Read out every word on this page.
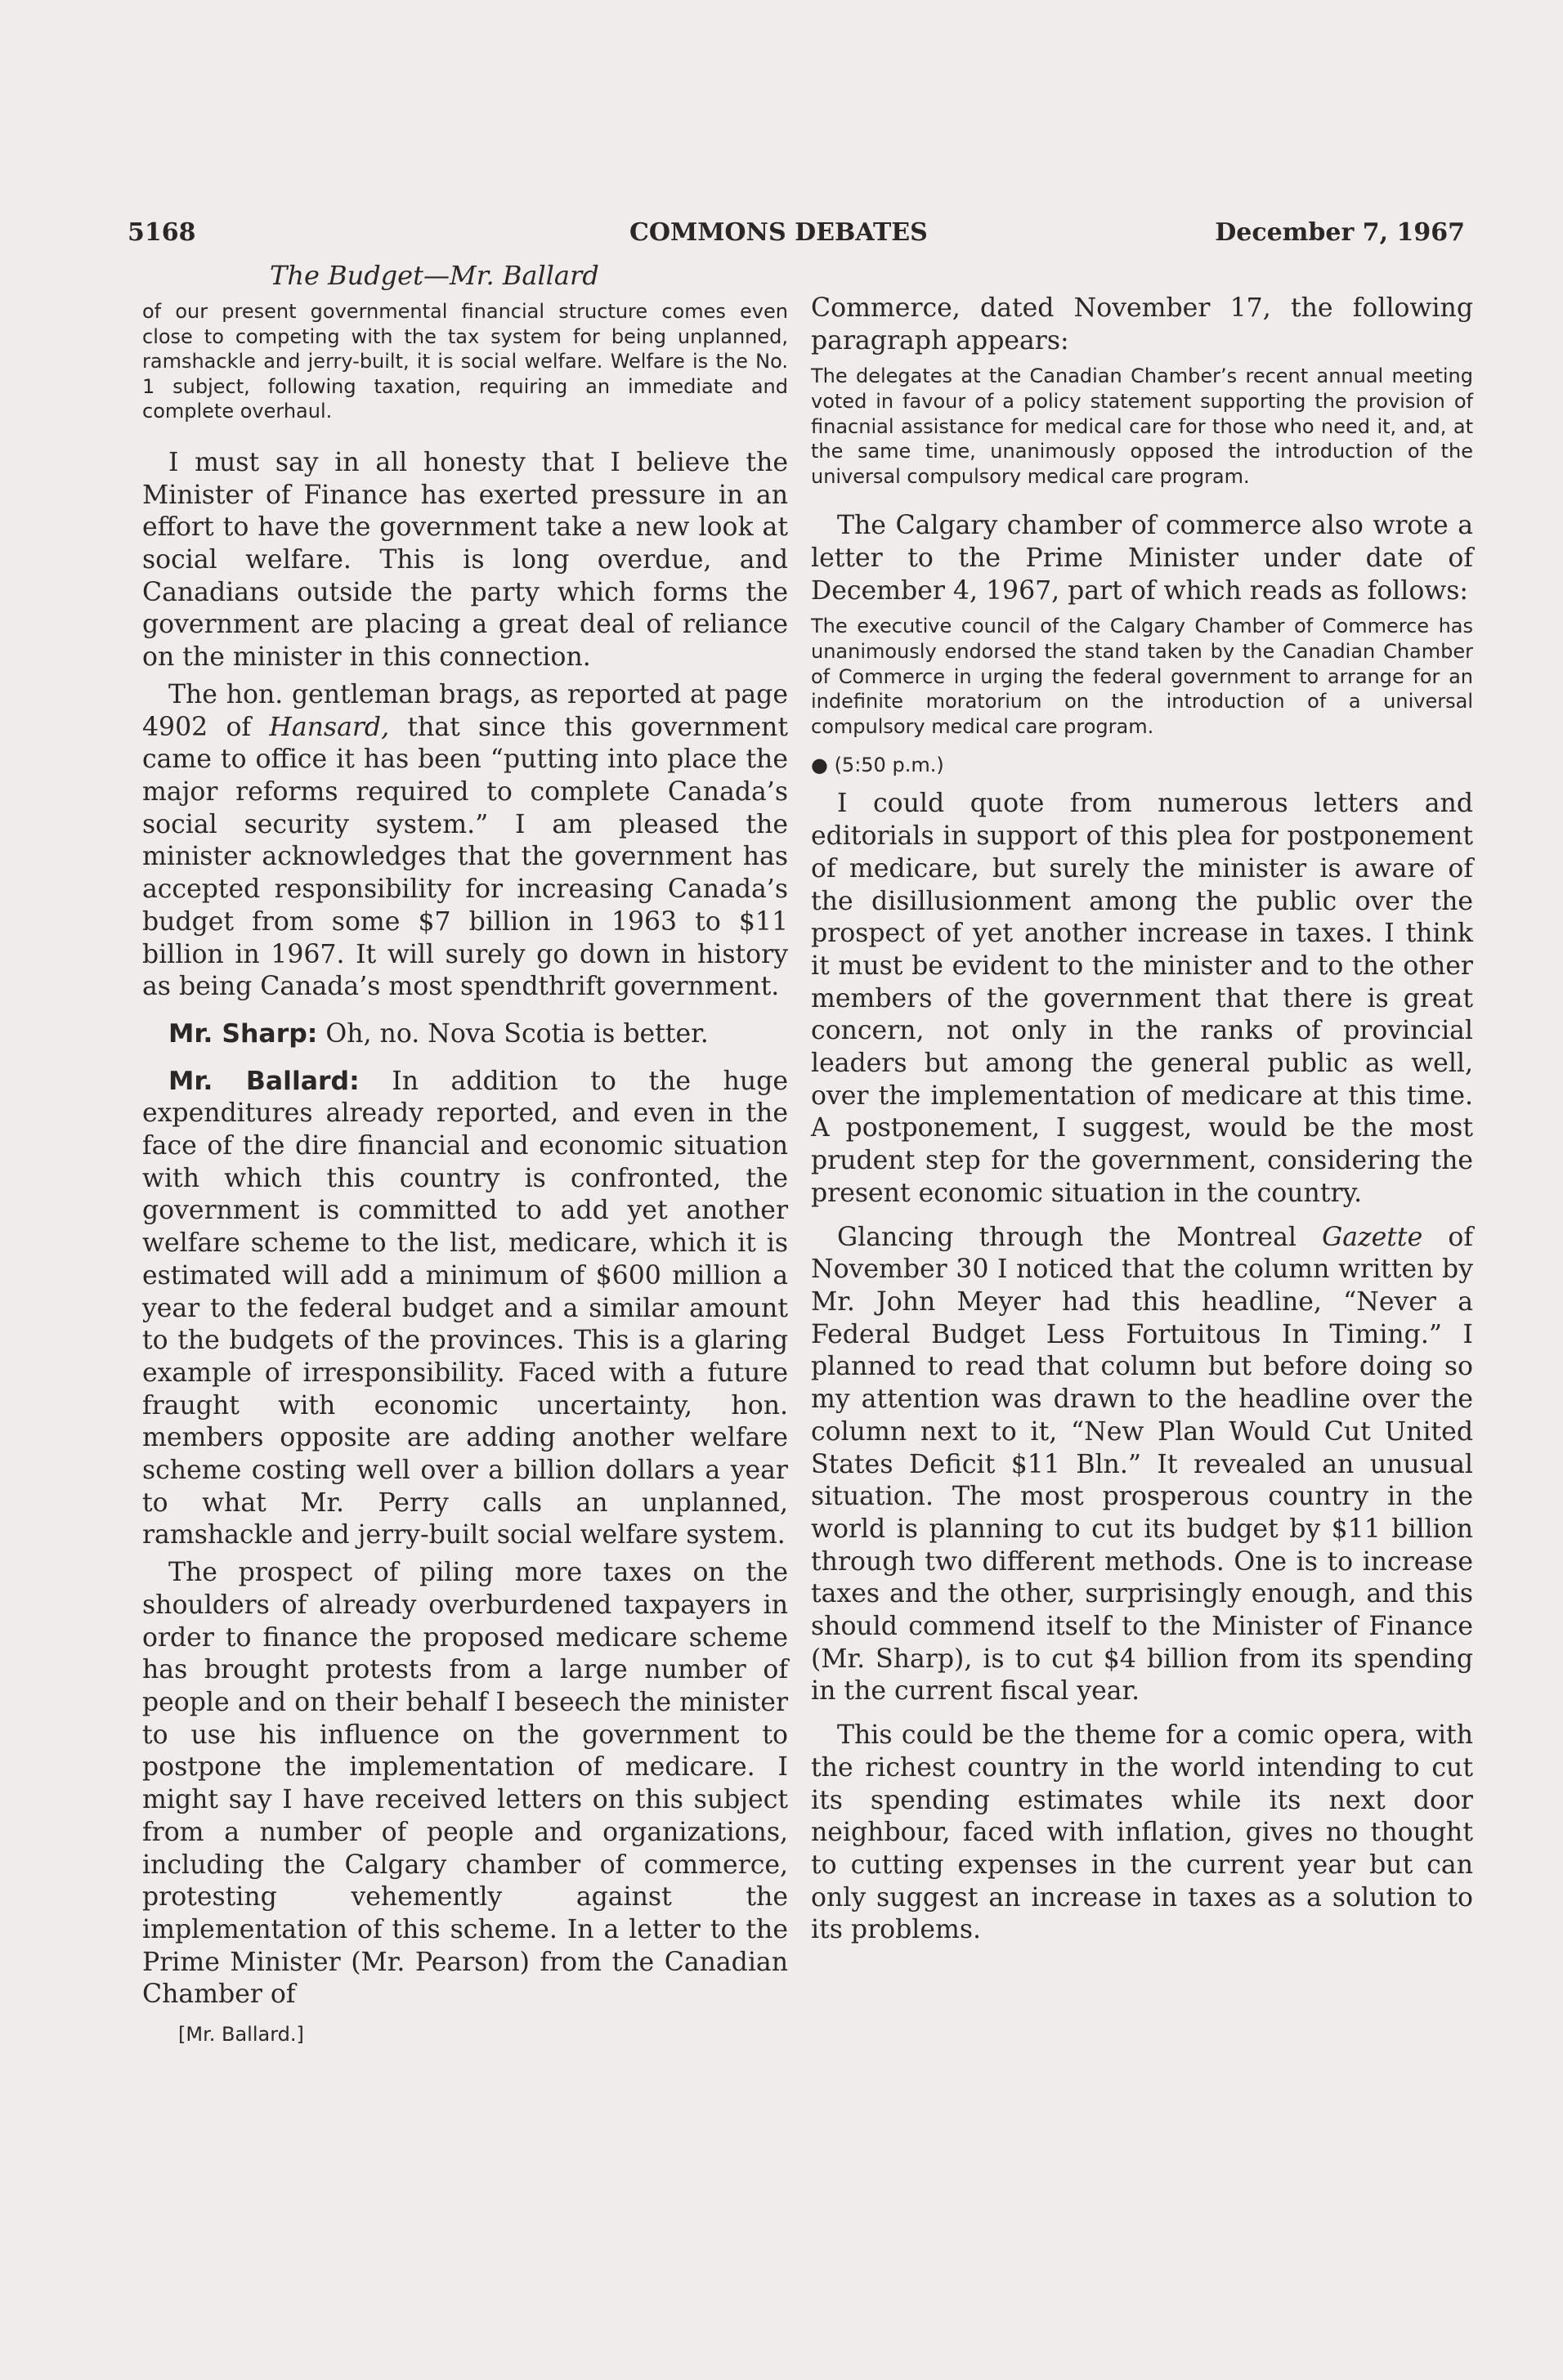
5168	COMMONS DEBATES	December 7, 1967
The Budget—Mr. Ballard

of our present governmental financial structure comes even close to competing with the tax system for being unplanned, ramshackle and jerry-built, it is social welfare. Welfare is the No. 1 subject, following taxation, requiring an immediate and complete overhaul.

I must say in all honesty that I believe the Minister of Finance has exerted pressure in an effort to have the government take a new look at social welfare. This is long overdue, and Canadians outside the party which forms the government are placing a great deal of reliance on the minister in this connection.

The hon. gentleman brags, as reported at page 4902 of Hansard, that since this government came to office it has been “putting into place the major reforms required to complete Canada’s social security system.” I am pleased the minister acknowledges that the government has accepted responsibility for increasing Canada’s budget from some $7 billion in 1963 to $11 billion in 1967. It will surely go down in history as being Canada’s most spendthrift government.

Mr. Sharp: Oh, no. Nova Scotia is better.

Mr. Ballard: In addition to the huge expenditures already reported, and even in the face of the dire financial and economic situation with which this country is confronted, the government is committed to add yet another welfare scheme to the list, medicare, which it is estimated will add a minimum of $600 million a year to the federal budget and a similar amount to the budgets of the provinces. This is a glaring example of irresponsibility. Faced with a future fraught with economic uncertainty, hon. members opposite are adding another welfare scheme costing well over a billion dollars a year to what Mr. Perry calls an unplanned, ramshackle and jerry-built social welfare system.

The prospect of piling more taxes on the shoulders of already overburdened taxpayers in order to finance the proposed medicare scheme has brought protests from a large number of people and on their behalf I beseech the minister to use his influence on the government to postpone the implementation of medicare. I might say I have received letters on this subject from a number of people and organizations, including the Calgary chamber of commerce, protesting vehemently against the implementation of this scheme. In a letter to the Prime Minister (Mr. Pearson) from the Canadian Chamber of

[Mr. Ballard.]

Commerce, dated November 17, the following paragraph appears:

The delegates at the Canadian Chamber’s recent annual meeting voted in favour of a policy statement supporting the provision of finacnial assistance for medical care for those who need it, and, at the same time, unanimously opposed the introduction of the universal compulsory medical care program.

The Calgary chamber of commerce also wrote a letter to the Prime Minister under date of December 4, 1967, part of which reads as follows:

The executive council of the Calgary Chamber of Commerce has unanimously endorsed the stand taken by the Canadian Chamber of Commerce in urging the federal government to arrange for an indefinite moratorium on the introduction of a universal compulsory medical care program.

● (5:50 p.m.)

I could quote from numerous letters and editorials in support of this plea for postponement of medicare, but surely the minister is aware of the disillusionment among the public over the prospect of yet another increase in taxes. I think it must be evident to the minister and to the other members of the government that there is great concern, not only in the ranks of provincial leaders but among the general public as well, over the implementation of medicare at this time. A postponement, I suggest, would be the most prudent step for the government, considering the present economic situation in the country.

Glancing through the Montreal Gazette of November 30 I noticed that the column written by Mr. John Meyer had this headline, “Never a Federal Budget Less Fortuitous In Timing.” I planned to read that column but before doing so my attention was drawn to the headline over the column next to it, “New Plan Would Cut United States Deficit $11 Bln.” It revealed an unusual situation. The most prosperous country in the world is planning to cut its budget by $11 billion through two different methods. One is to increase taxes and the other, surprisingly enough, and this should commend itself to the Minister of Finance (Mr. Sharp), is to cut $4 billion from its spending in the current fiscal year.

This could be the theme for a comic opera, with the richest country in the world intending to cut its spending estimates while its next door neighbour, faced with inflation, gives no thought to cutting expenses in the current year but can only suggest an increase in taxes as a solution to its problems.
